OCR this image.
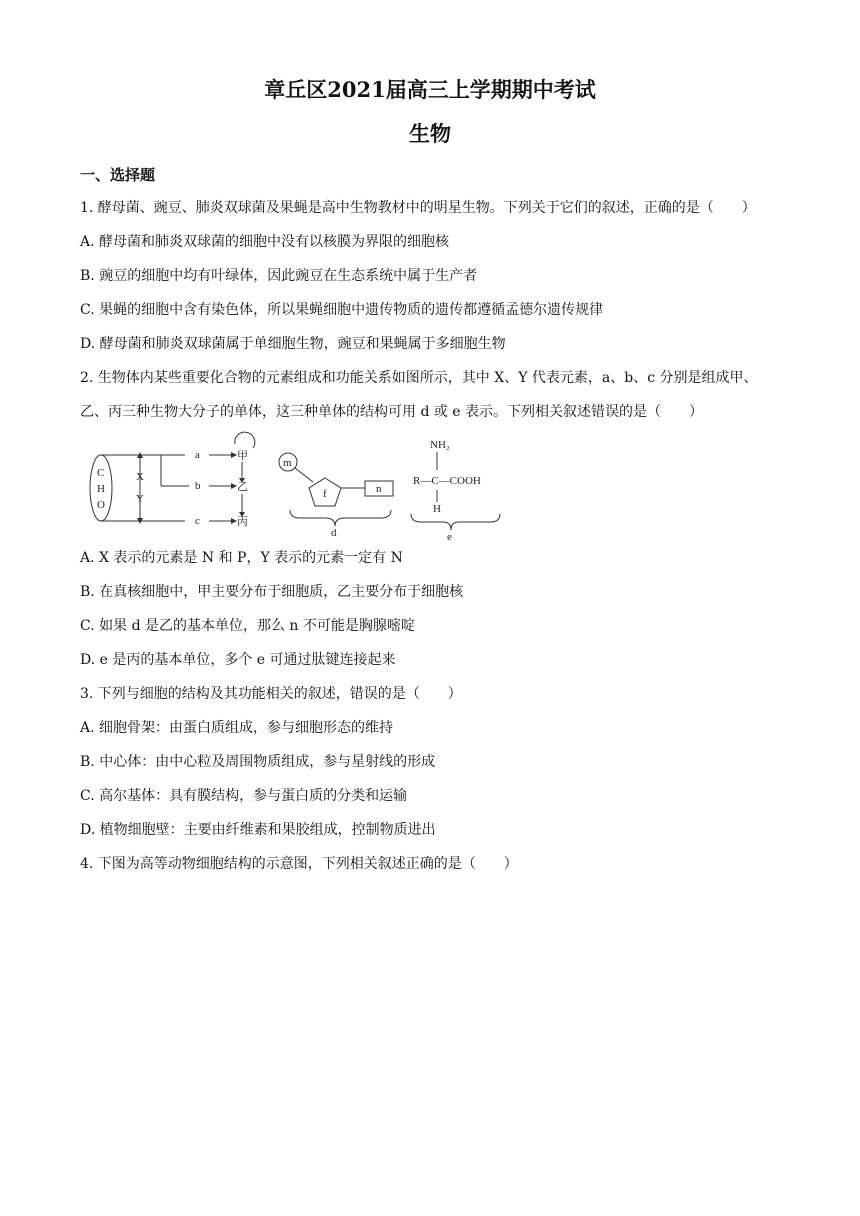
章丘区2021届高三上学期期中考试
生物
一、选择题
1. 酵母菌、豌豆、肺炎双球菌及果蝇是高中生物教材中的明星生物。下列关于它们的叙述，正确的是（　　）
A. 酵母菌和肺炎双球菌的细胞中没有以核膜为界限的细胞核
B. 豌豆的细胞中均有叶绿体，因此豌豆在生态系统中属于生产者
C. 果蝇的细胞中含有染色体，所以果蝇细胞中遗传物质的遗传都遵循孟德尔遗传规律
D. 酵母菌和肺炎双球菌属于单细胞生物，豌豆和果蝇属于多细胞生物
2. 生物体内某些重要化合物的元素组成和功能关系如图所示，其中 X、Y 代表元素，a、b、c 分别是组成甲、
乙、丙三种生物大分子的单体，这三种单体的结构可用 d 或 e 表示。下列相关叙述错误的是（　　）
C
H
O
X
Y
a
b
c
甲
乙
丙
m
f	n
d
NH₂
R—C—COOH
H
e
A. X 表示的元素是 N 和 P，Y 表示的元素一定有 N
B. 在真核细胞中，甲主要分布于细胞质，乙主要分布于细胞核
C. 如果 d 是乙的基本单位，那么 n 不可能是胸腺嘧啶
D. e 是丙的基本单位，多个 e 可通过肽键连接起来
3. 下列与细胞的结构及其功能相关的叙述，错误的是（　　）
A. 细胞骨架：由蛋白质组成，参与细胞形态的维持
B. 中心体：由中心粒及周围物质组成，参与星射线的形成
C. 高尔基体：具有膜结构，参与蛋白质的分类和运输
D. 植物细胞壁：主要由纤维素和果胶组成，控制物质进出
4. 下图为高等动物细胞结构的示意图，下列相关叙述正确的是（　　）
